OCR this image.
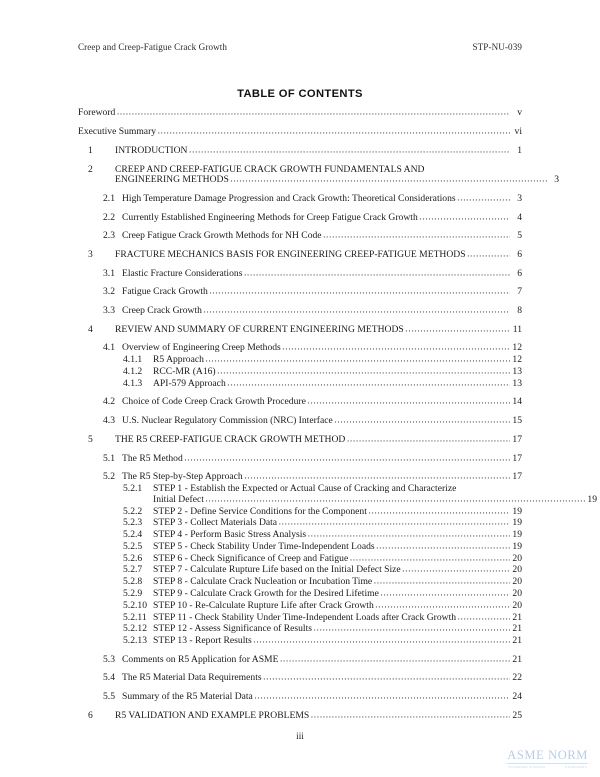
Creep and Creep-Fatigue Crack Growth	STP-NU-039
TABLE OF CONTENTS
Foreword .....	v
Executive Summary .....	vi
1	INTRODUCTION .....	1
2	CREEP AND CREEP-FATIGUE CRACK GROWTH FUNDAMENTALS AND
ENGINEERING METHODS .....	3
2.1 High Temperature Damage Progression and Crack Growth: Theoretical Considerations .....	3
2.2 Currently Established Engineering Methods for Creep Fatigue Crack Growth .....	4
2.3 Creep Fatigue Crack Growth Methods for NH Code .....	5
3	FRACTURE MECHANICS BASIS FOR ENGINEERING CREEP-FATIGUE METHODS .....	6
3.1 Elastic Fracture Considerations .....	6
3.2 Fatigue Crack Growth .....	7
3.3 Creep Crack Growth .....	8
4	REVIEW AND SUMMARY OF CURRENT ENGINEERING METHODS .....	11
4.1 Overview of Engineering Creep Methods .....	12
4.1.1	R5 Approach .....	12
4.1.2	RCC-MR (A16) .....	13
4.1.3	API-579 Approach .....	13
4.2 Choice of Code Creep Crack Growth Procedure .....	14
4.3 U.S. Nuclear Regulatory Commission (NRC) Interface .....	15
5	THE R5 CREEP-FATIGUE CRACK GROWTH METHOD .....	17
5.1 The R5 Method .....	17
5.2 The R5 Step-by-Step Approach .....	17
5.2.1	STEP 1 - Establish the Expected or Actual Cause of Cracking and Characterize
Initial Defect .....	19
5.2.2	STEP 2 - Define Service Conditions for the Component .....	19
5.2.3	STEP 3 - Collect Materials Data .....	19
5.2.4	STEP 4 - Perform Basic Stress Analysis .....	19
5.2.5	STEP 5 - Check Stability Under Time-Independent Loads .....	19
5.2.6	STEP 6 - Check Significance of Creep and Fatigue .....	20
5.2.7	STEP 7 - Calculate Rupture Life based on the Initial Defect Size .....	20
5.2.8	STEP 8 - Calculate Crack Nucleation or Incubation Time .....	20
5.2.9	STEP 9 - Calculate Crack Growth for the Desired Lifetime .....	20
5.2.10 STEP 10 - Re-Calculate Rupture Life after Crack Growth .....	20
5.2.11 STEP 11 - Check Stability Under Time-Independent Loads after Crack Growth .....	21
5.2.12 STEP 12 - Assess Significance of Results .....	21
5.2.13 STEP 13 - Report Results .....	21
5.3 Comments on R5 Application for ASME .....	21
5.4 The R5 Material Data Requirements .....	22
5.5 Summary of the R5 Material Data .....	24
6	R5 VALIDATION AND EXAMPLE PROBLEMS .....	25
iii
ASME NORM
STANDARD SHARING	STANDARDS
